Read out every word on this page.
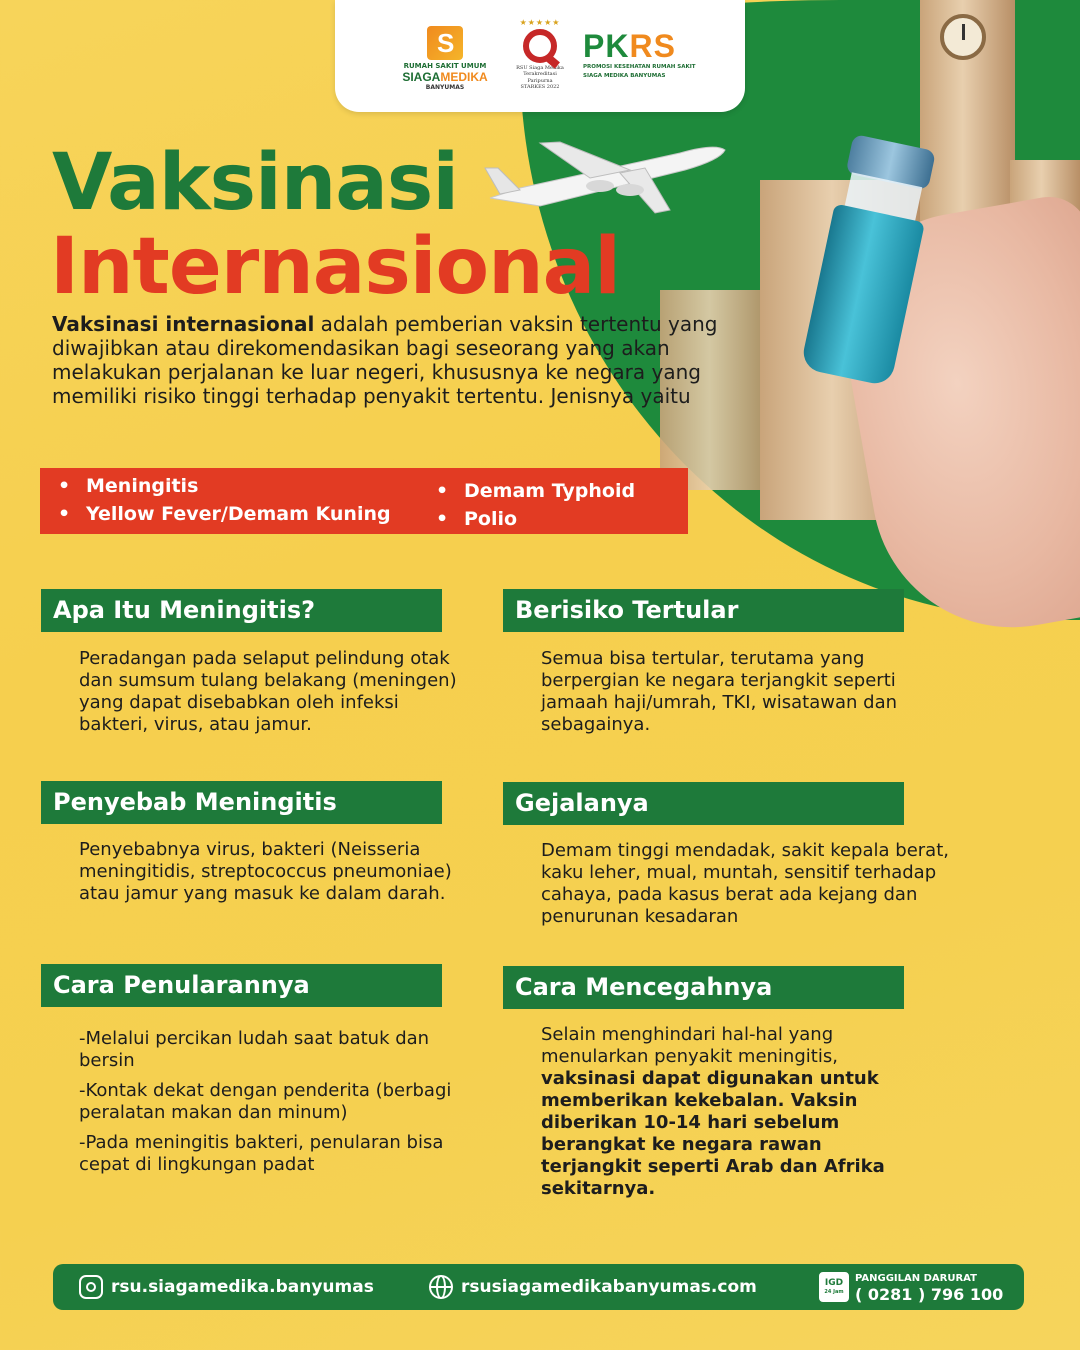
S
RUMAH SAKIT UMUM
SIAGAMEDIKA
BANYUMAS
★★★★★
RSU Siaga Medika
Terakreditasi Paripurna
STARKES 2022
PKRS
PROMOSI KESEHATAN RUMAH SAKIT
SIAGA MEDIKA BANYUMAS
Vaksinasi
Internasional
Vaksinasi internasional adalah pemberian vaksin tertentu yang diwajibkan atau direkomendasikan bagi seseorang yang akan melakukan perjalanan ke luar negeri, khususnya ke negara yang memiliki risiko tinggi terhadap penyakit tertentu. Jenisnya yaitu
• Meningitis
• Yellow Fever/Demam Kuning
• Demam Typhoid
• Polio
Apa Itu Meningitis?
Peradangan pada selaput pelindung otak dan sumsum tulang belakang (meningen) yang dapat disebabkan oleh infeksi bakteri, virus, atau jamur.
Berisiko Tertular
Semua bisa tertular, terutama yang berpergian ke negara terjangkit seperti jamaah haji/umrah, TKI, wisatawan dan sebagainya.
Penyebab Meningitis
Penyebabnya virus, bakteri (Neisseria meningitidis, streptococcus pneumoniae) atau jamur yang masuk ke dalam darah.
Gejalanya
Demam tinggi mendadak, sakit kepala berat, kaku leher, mual, muntah, sensitif terhadap cahaya, pada kasus berat ada kejang dan penurunan kesadaran
Cara Penularannya

-Melalui percikan ludah saat batuk dan bersin

-Kontak dekat dengan penderita (berbagi peralatan makan dan minum)

-Pada meningitis bakteri, penularan bisa cepat di lingkungan padat

Cara Mencegahnya
Selain menghindari hal-hal yang menularkan penyakit meningitis, vaksinasi dapat digunakan untuk memberikan kekebalan. Vaksin diberikan 10-14 hari sebelum berangkat ke negara rawan terjangkit seperti Arab dan Afrika sekitarnya.
rsu.siagamedika.banyumas	rsusiagamedikabanyumas.com	IGD
24 Jam
PANGGILAN DARURAT
( 0281 ) 796 100
